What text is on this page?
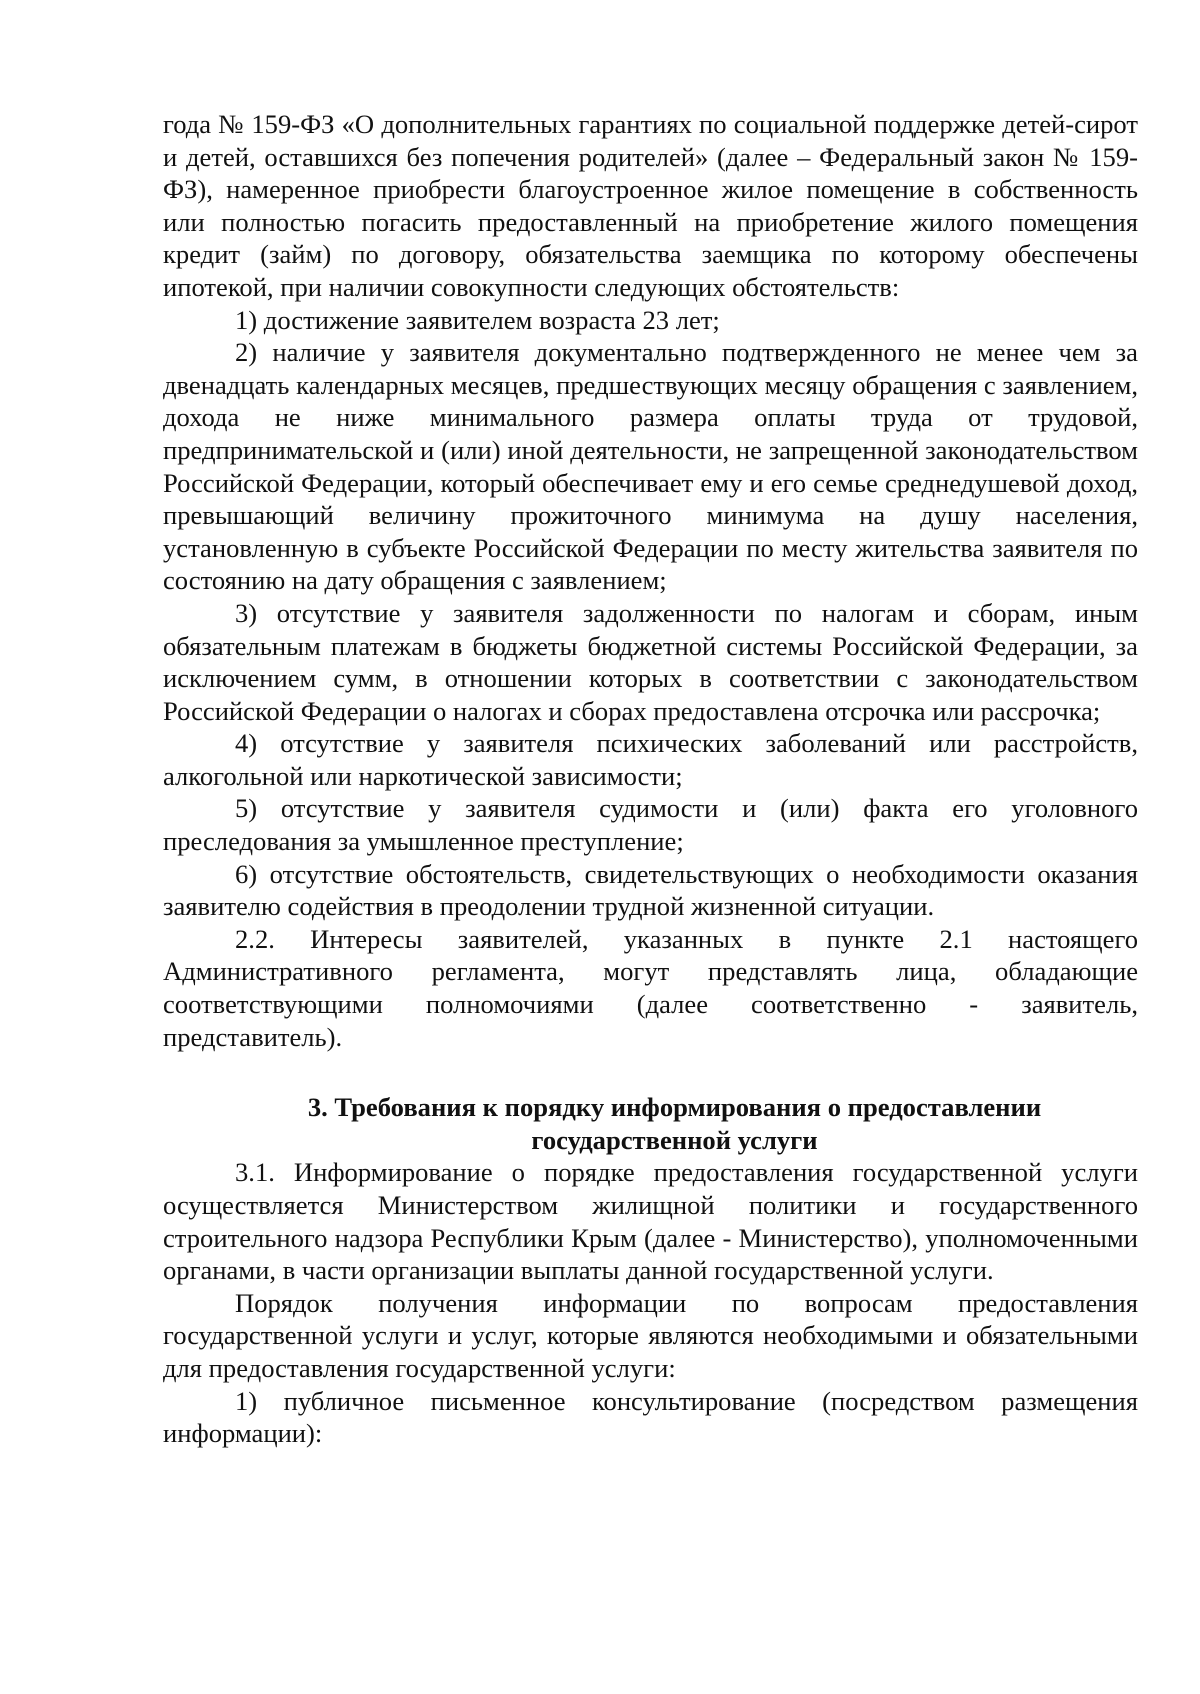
года № 159-ФЗ «О дополнительных гарантиях по социальной поддержке детей-сирот и детей, оставшихся без попечения родителей» (далее – Федеральный закон № 159-ФЗ), намеренное приобрести благоустроенное жилое помещение в собственность или полностью погасить предоставленный на приобретение жилого помещения кредит (займ) по договору, обязательства заемщика по которому обеспечены ипотекой, при наличии совокупности следующих обстоятельств:

1) достижение заявителем возраста 23 лет;

2) наличие у заявителя документально подтвержденного не менее чем за двенадцать календарных месяцев, предшествующих месяцу обращения с заявлением, дохода не ниже минимального размера оплаты труда от трудовой, предпринимательской и (или) иной деятельности, не запрещенной законодательством Российской Федерации, который обеспечивает ему и его семье среднедушевой доход, превышающий величину прожиточного минимума на душу населения, установленную в субъекте Российской Федерации по месту жительства заявителя по состоянию на дату обращения с заявлением;

3) отсутствие у заявителя задолженности по налогам и сборам, иным обязательным платежам в бюджеты бюджетной системы Российской Федерации, за исключением сумм, в отношении которых в соответствии с законодательством Российской Федерации о налогах и сборах предоставлена отсрочка или рассрочка;

4) отсутствие у заявителя психических заболеваний или расстройств, алкогольной или наркотической зависимости;

5) отсутствие у заявителя судимости и (или) факта его уголовного преследования за умышленное преступление;

6) отсутствие обстоятельств, свидетельствующих о необходимости оказания заявителю содействия в преодолении трудной жизненной ситуации.

2.2. Интересы заявителей, указанных в пункте 2.1 настоящего Административного регламента, могут представлять лица, обладающие соответствующими полномочиями (далее соответственно - заявитель, представитель).

3. Требования к порядку информирования о предоставлении
государственной услуги

3.1. Информирование о порядке предоставления государственной услуги осуществляется Министерством жилищной политики и государственного строительного надзора Республики Крым (далее - Министерство), уполномоченными органами, в части организации выплаты данной государственной услуги.

Порядок получения информации по вопросам предоставления государственной услуги и услуг, которые являются необходимыми и обязательными для предоставления государственной услуги:

1) публичное письменное консультирование (посредством размещения информации):
